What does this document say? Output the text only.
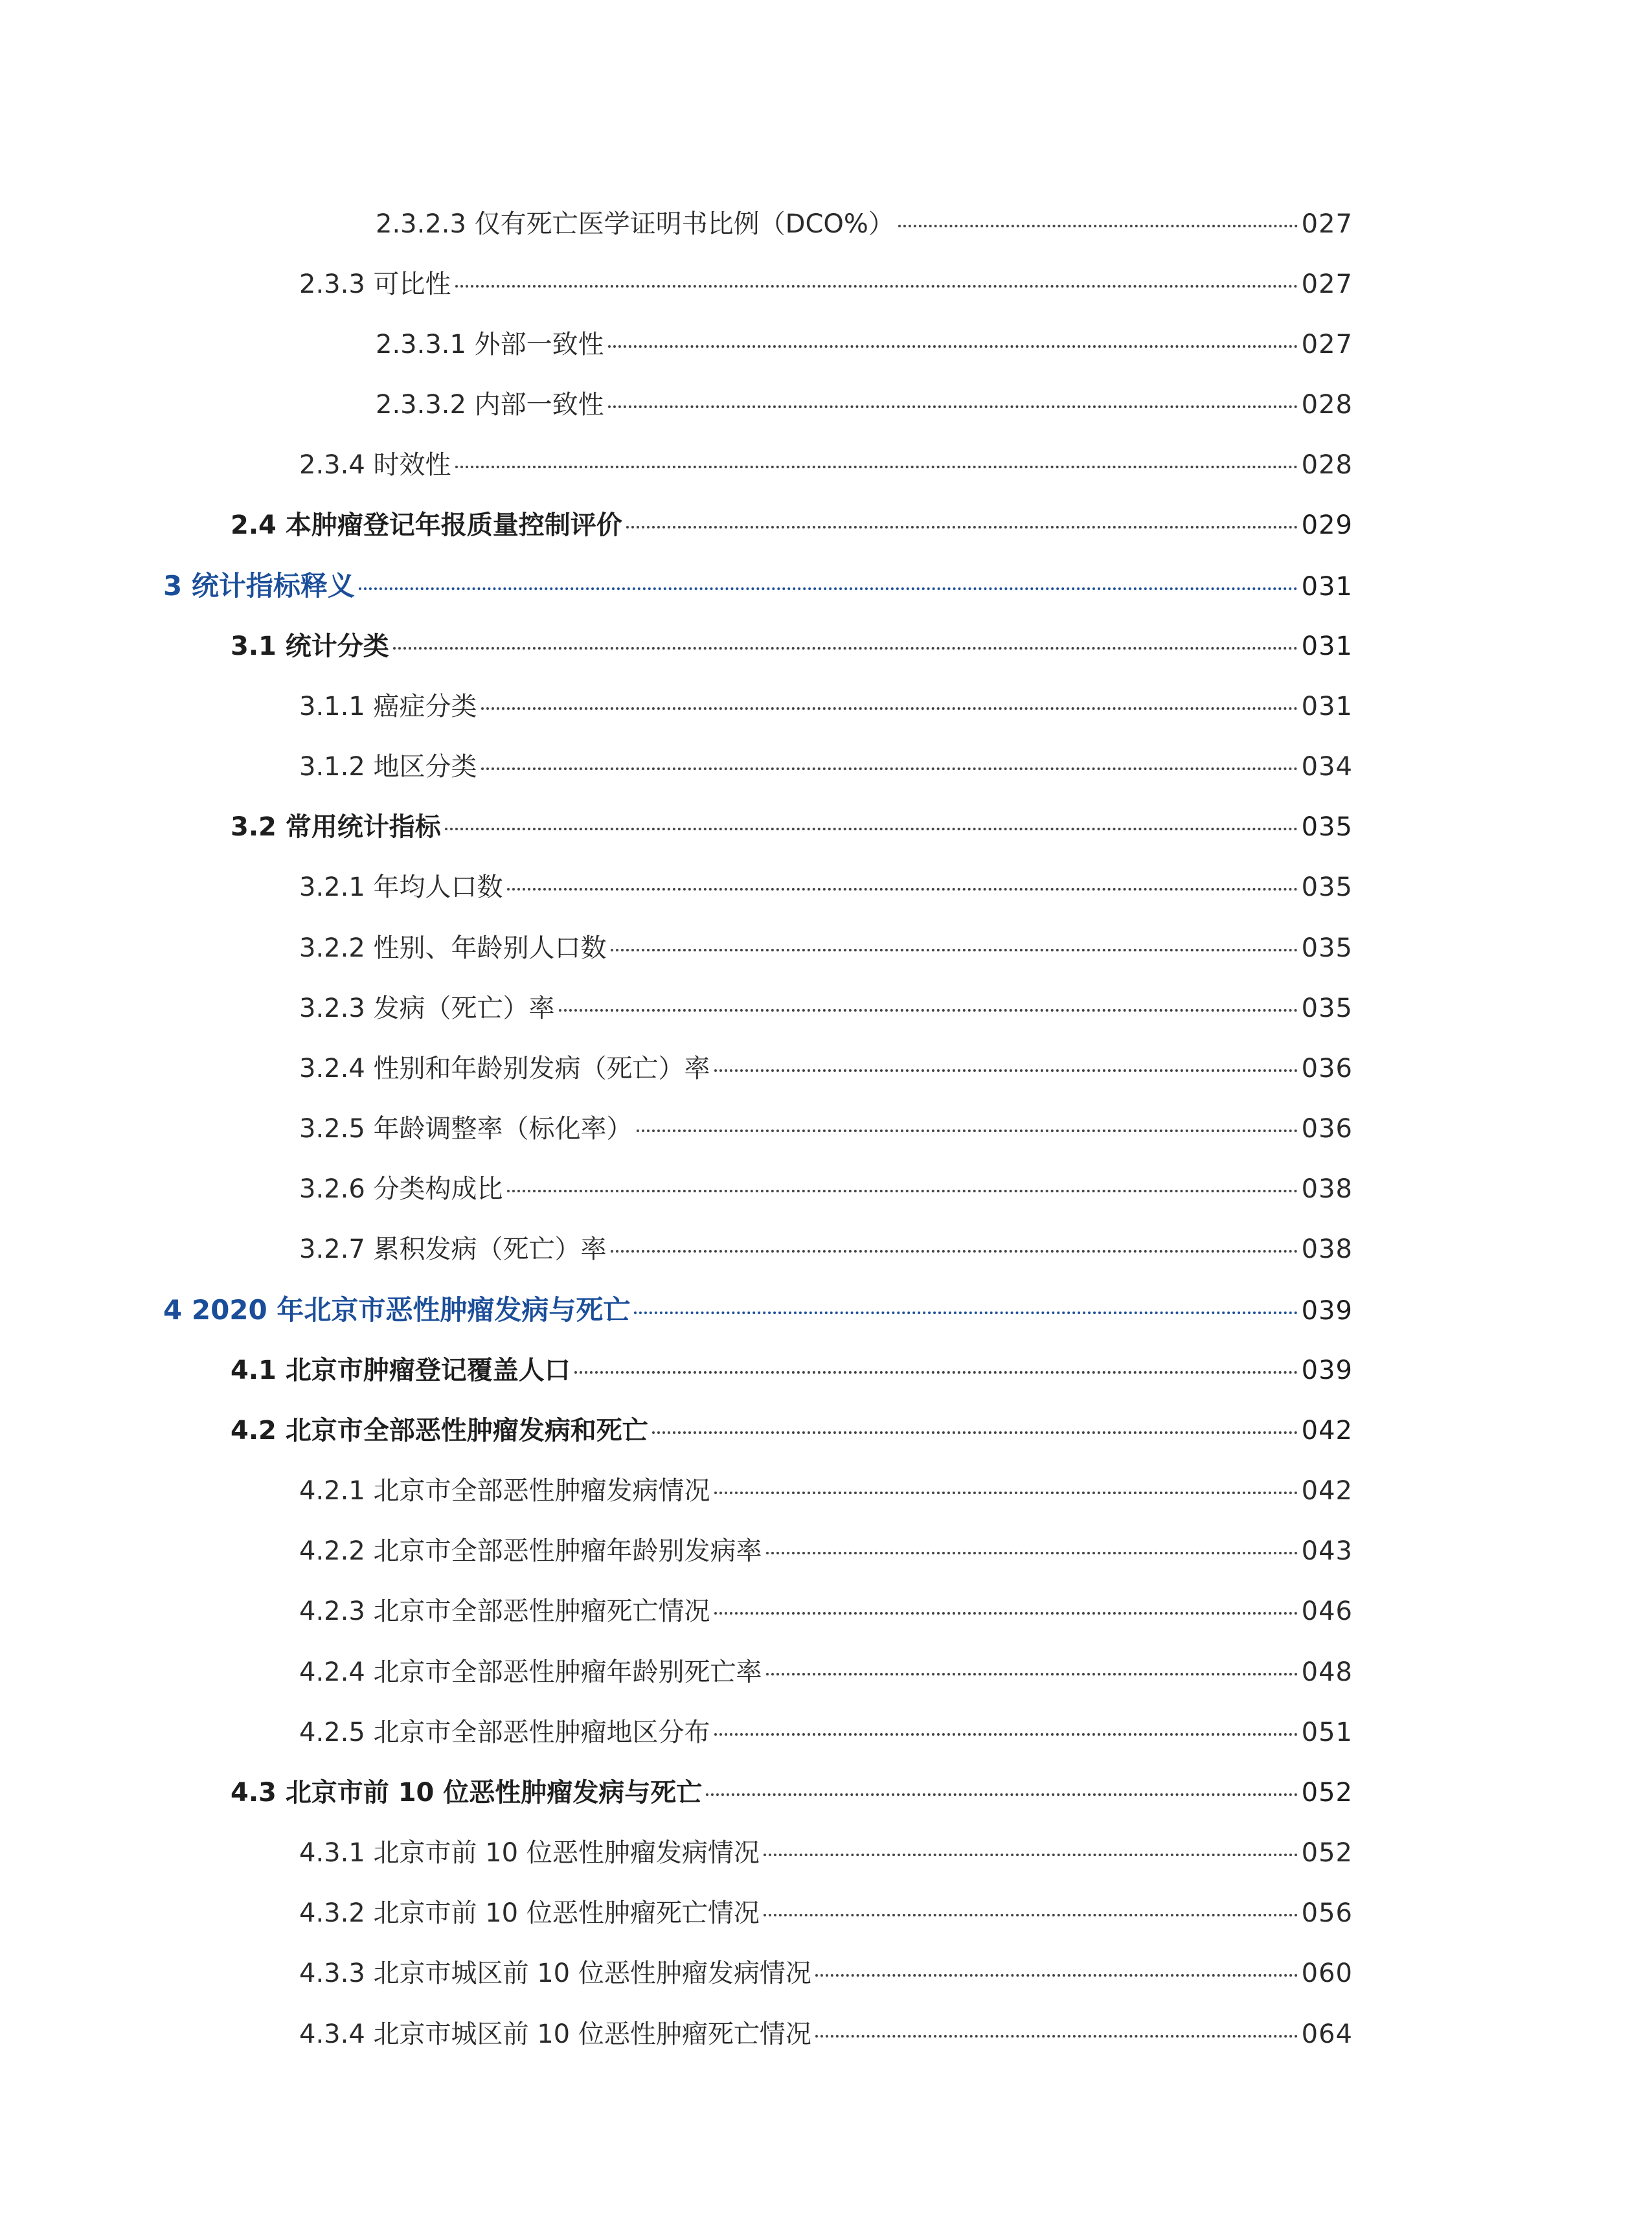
2.3.2.3 仅有死亡医学证明书比例（DCO%）	027
2.3.3 可比性	027
2.3.3.1 外部一致性	027
2.3.3.2 内部一致性	028
2.3.4 时效性	028
2.4 本肿瘤登记年报质量控制评价	029
3 统计指标释义	031
3.1 统计分类	031
3.1.1 癌症分类	031
3.1.2 地区分类	034
3.2 常用统计指标	035
3.2.1 年均人口数	035
3.2.2 性别、年龄别人口数	035
3.2.3 发病（死亡）率	035
3.2.4 性别和年龄别发病（死亡）率	036
3.2.5 年龄调整率（标化率）	036
3.2.6 分类构成比	038
3.2.7 累积发病（死亡）率	038
4 2020 年北京市恶性肿瘤发病与死亡	039
4.1 北京市肿瘤登记覆盖人口	039
4.2 北京市全部恶性肿瘤发病和死亡	042
4.2.1 北京市全部恶性肿瘤发病情况	042
4.2.2 北京市全部恶性肿瘤年龄别发病率	043
4.2.3 北京市全部恶性肿瘤死亡情况	046
4.2.4 北京市全部恶性肿瘤年龄别死亡率	048
4.2.5 北京市全部恶性肿瘤地区分布	051
4.3 北京市前 10 位恶性肿瘤发病与死亡	052
4.3.1 北京市前 10 位恶性肿瘤发病情况	052
4.3.2 北京市前 10 位恶性肿瘤死亡情况	056
4.3.3 北京市城区前 10 位恶性肿瘤发病情况	060
4.3.4 北京市城区前 10 位恶性肿瘤死亡情况	064
